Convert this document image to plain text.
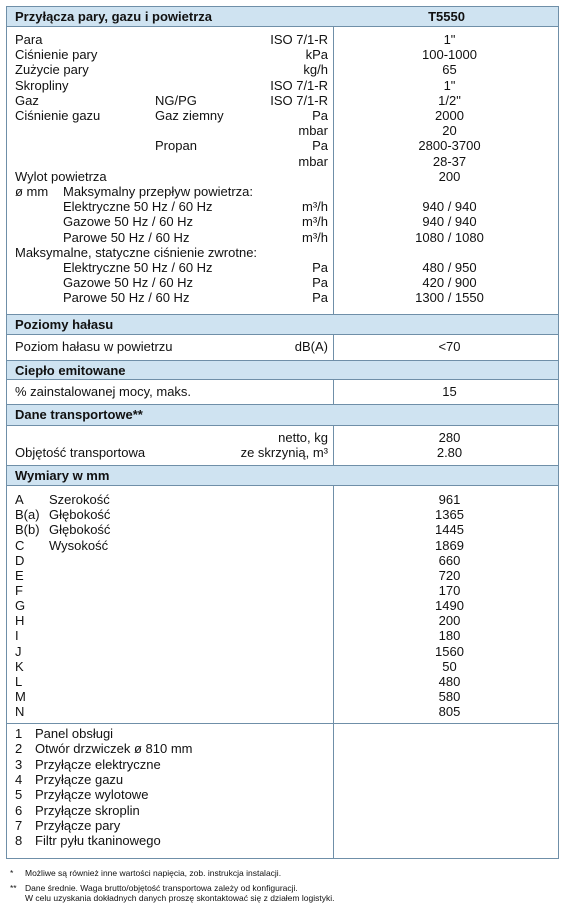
Przyłącza pary, gazu i powietrza	T5550
Para	ISO 7/1-R	1"
Ciśnienie pary	kPa	100-1000
Zużycie pary	kg/h	65
Skropliny	ISO 7/1-R	1"
Gaz	NG/PG	ISO 7/1-R	1/2"
Ciśnienie gazu	Gaz ziemny	Pa	2000
mbar	20
Propan	Pa	2800-3700
mbar	28-37
Wylot powietrza	200
ø mm Maksymalny przepływ powietrza:
Elektryczne 50 Hz / 60 Hz	m³/h	940 / 940
Gazowe 50 Hz / 60 Hz	m³/h	940 / 940
Parowe 50 Hz / 60 Hz	m³/h	1080 / 1080
Maksymalne, statyczne ciśnienie zwrotne:
Elektryczne 50 Hz / 60 Hz	Pa	480 / 950
Gazowe 50 Hz / 60 Hz	Pa	420 / 900
Parowe 50 Hz / 60 Hz	Pa	1300 / 1550
Poziomy hałasu
Poziom hałasu w powietrzu	dB(A)	<70
Ciepło emitowane
% zainstalowanej mocy, maks.	15
Dane transportowe**
netto, kg	280
Objętość transportowa	ze skrzynią, m³	2.80
Wymiary w mm
A Szerokość	961
B(a) Głębokość	1365
B(b) Głębokość	1445
C Wysokość	1869
D	660
E	720
F	170
G	1490
H	200
I	180
J	1560
K	50
L	480
M	580
N	805
1 Panel obsługi
2 Otwór drzwiczek ø 810 mm
3 Przyłącze elektryczne
4 Przyłącze gazu
5 Przyłącze wylotowe
6 Przyłącze skroplin
7 Przyłącze pary
8 Filtr pyłu tkaninowego
* Możliwe są również inne wartości napięcia, zob. instrukcja instalacji.
** Dane średnie. Waga brutto/objętość transportowa zależy od konfiguracji.
W celu uzyskania dokładnych danych proszę skontaktować się z działem logistyki.
